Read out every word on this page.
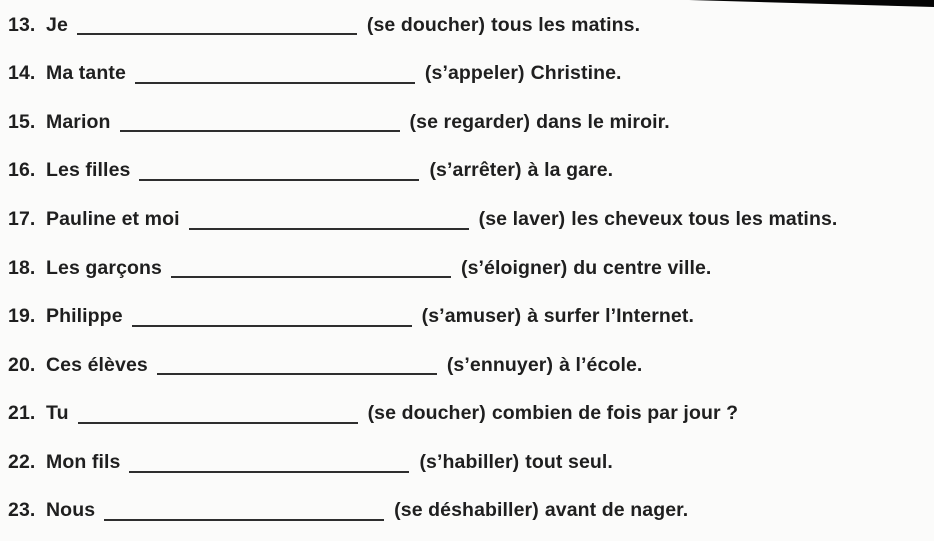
13. Je	(se doucher) tous les matins.
14. Ma tante	(s’appeler) Christine.
15. Marion	(se regarder) dans le miroir.
16. Les filles	(s’arrêter) à la gare.
17. Pauline et moi	(se laver) les cheveux tous les matins.
18. Les garçons	(s’éloigner) du centre ville.
19. Philippe	(s’amuser) à surfer l’Internet.
20. Ces élèves	(s’ennuyer) à l’école.
21. Tu	(se doucher) combien de fois par jour ?
22. Mon fils	(s’habiller) tout seul.
23. Nous	(se déshabiller) avant de nager.
